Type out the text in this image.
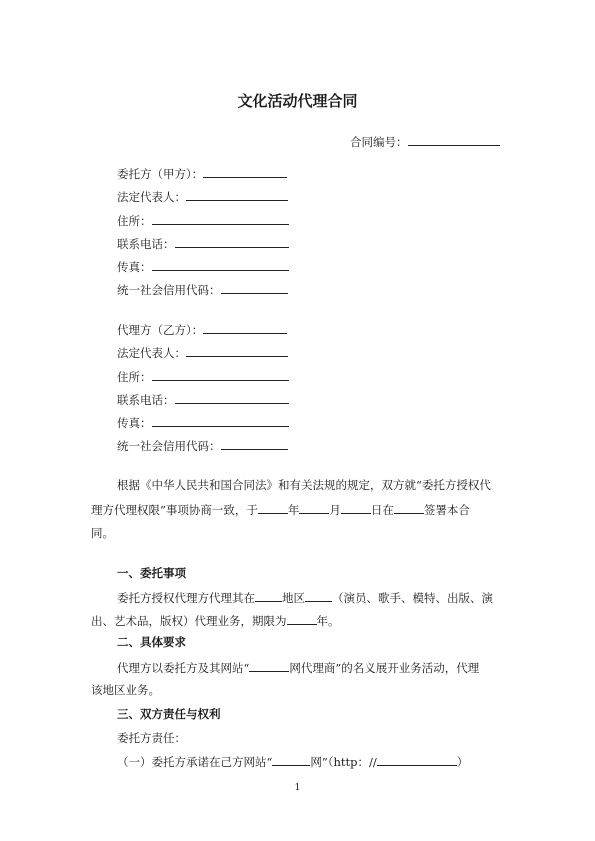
文化活动代理合同
合同编号：
委托方（甲方）：
法定代表人：
住所：
联系电话：
传真：
统一社会信用代码：
代理方（乙方）：
法定代表人：
住所：
联系电话：
传真：
统一社会信用代码：
根据《中华人民共和国合同法》和有关法规的规定，双方就“委托方授权代
理方代理权限”事项协商一致，于	年	月	日在	签署本合
同。
一、委托事项
委托方授权代理方代理其在 地区 （演员、歌手、模特、出版、演
出、艺术品，版权）代理业务，期限为	年。
二、具体要求
代理方以委托方及其网站“	网代理商”的名义展开业务活动，代理
该地区业务。
三、双方责任与权利
委托方责任：
（一）委托方承诺在己方网站“	网”（http：//	）
1
